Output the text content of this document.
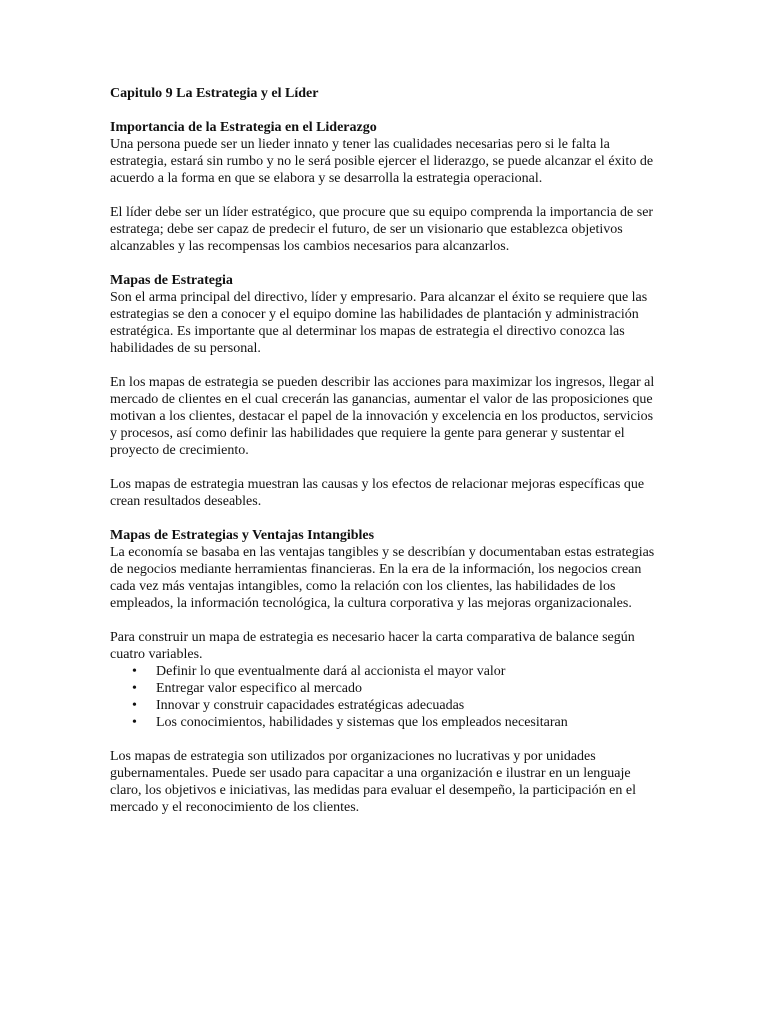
Capitulo 9 La Estrategia y el Líder
Importancia de la Estrategia en el Liderazgo

Una persona puede ser un lieder innato y tener las cualidades necesarias pero si le falta la estrategia, estará sin rumbo y no le será posible ejercer el liderazgo, se puede alcanzar el éxito de acuerdo a la forma en que se elabora y se desarrolla la estrategia operacional.

El líder debe ser un líder estratégico, que procure que su equipo comprenda la importancia de ser estratega; debe ser capaz de predecir el futuro, de ser un visionario que establezca objetivos alcanzables y las recompensas los cambios necesarios para alcanzarlos.

Mapas de Estrategia

Son el arma principal del directivo, líder y empresario. Para alcanzar el éxito se requiere que las estrategias se den a conocer y el equipo domine las habilidades de plantación y administración estratégica. Es importante que al determinar los mapas de estrategia el directivo conozca las habilidades de su personal.

En los mapas de estrategia se pueden describir las acciones para maximizar los ingresos, llegar al mercado de clientes en el cual crecerán las ganancias, aumentar el valor de las proposiciones que motivan a los clientes, destacar el papel de la innovación y excelencia en los productos, servicios y procesos, así como definir las habilidades que requiere la gente para generar y sustentar el proyecto de crecimiento.

Los mapas de estrategia muestran las causas y los efectos de relacionar mejoras específicas que crean resultados deseables.

Mapas de Estrategias y Ventajas Intangibles

La economía se basaba en las ventajas tangibles y se describían y documentaban estas estrategias de negocios mediante herramientas financieras. En la era de la información, los negocios crean cada vez más ventajas intangibles, como la relación con los clientes, las habilidades de los empleados, la información tecnológica, la cultura corporativa y las mejoras organizacionales.

Para construir un mapa de estrategia es necesario hacer la carta comparativa de balance según cuatro variables.

• Definir lo que eventualmente dará al accionista el mayor valor
• Entregar valor especifico al mercado
• Innovar y construir capacidades estratégicas adecuadas
• Los conocimientos, habilidades y sistemas que los empleados necesitaran

Los mapas de estrategia son utilizados por organizaciones no lucrativas y por unidades gubernamentales. Puede ser usado para capacitar a una organización e ilustrar en un lenguaje claro, los objetivos e iniciativas, las medidas para evaluar el desempeño, la participación en el mercado y el reconocimiento de los clientes.
